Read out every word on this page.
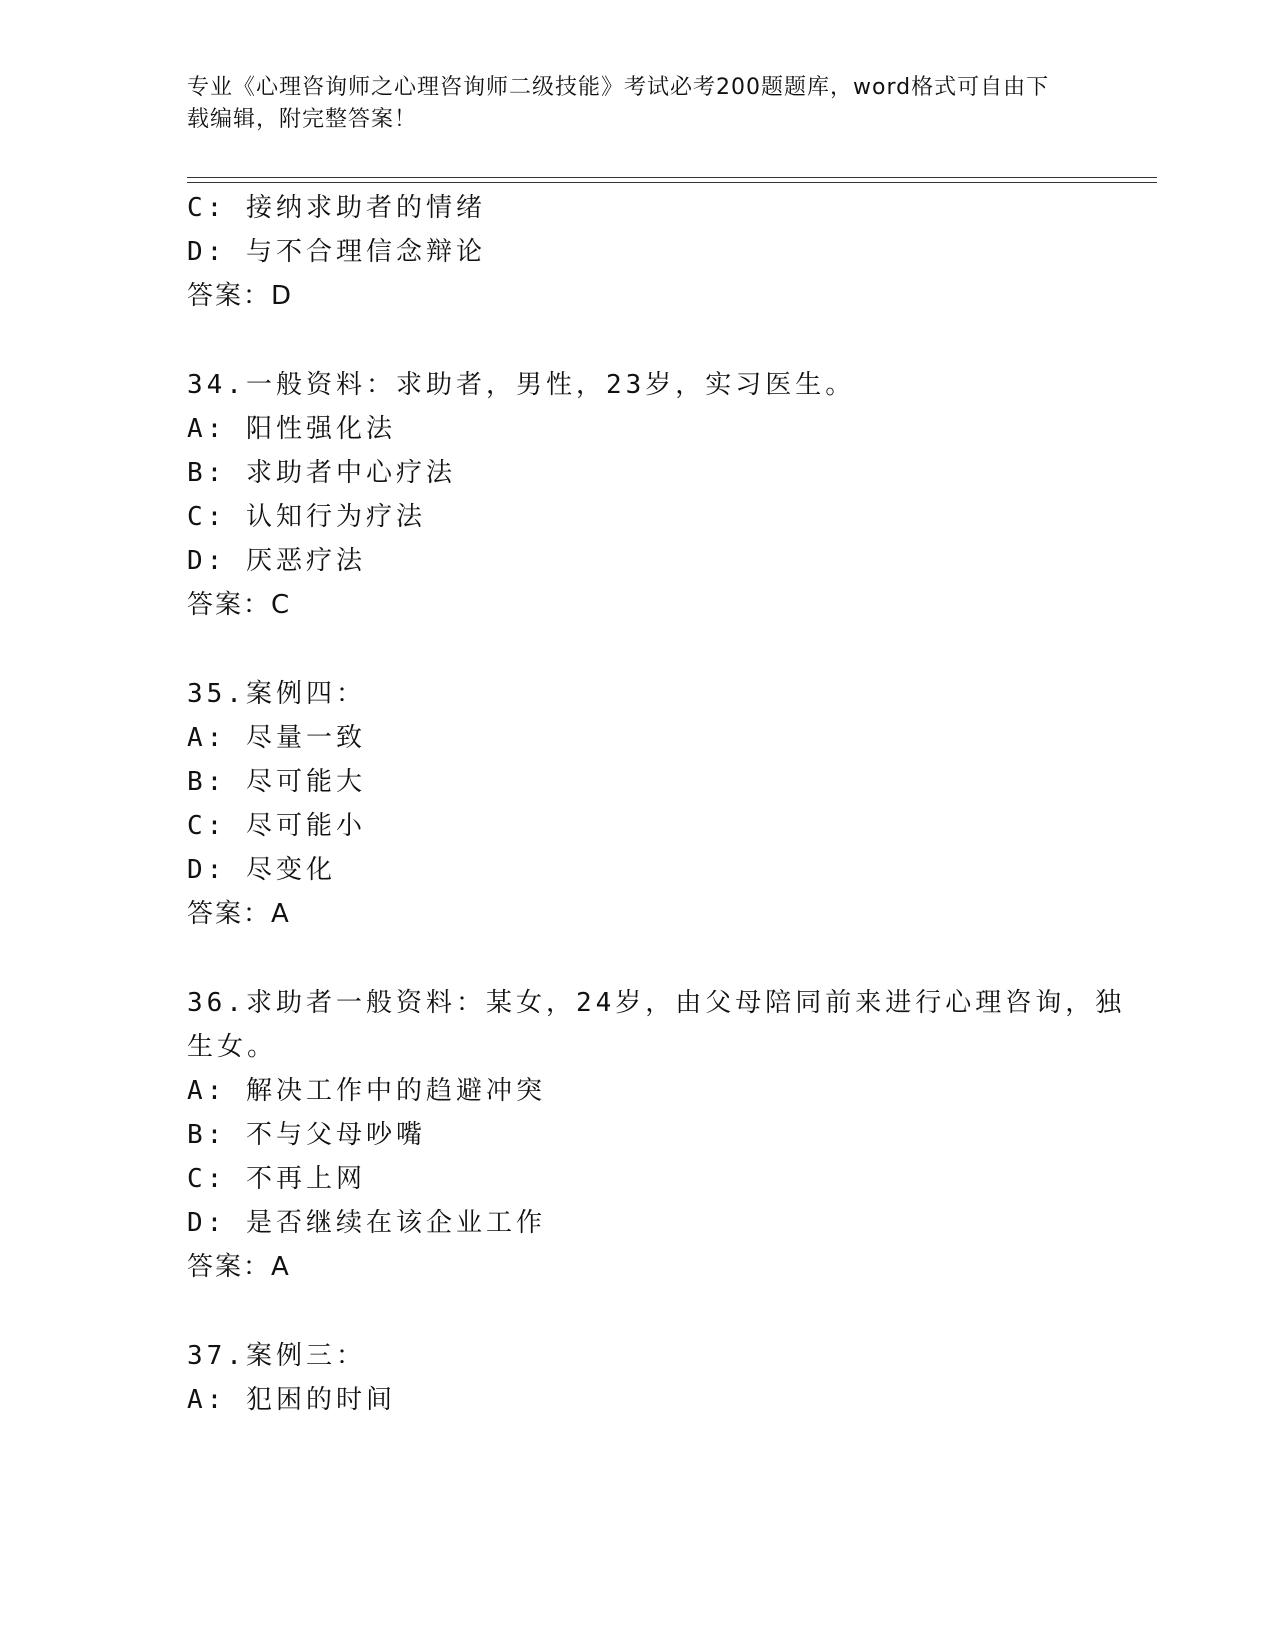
专业《心理咨询师之心理咨询师二级技能》考试必考200题题库，word格式可自由下载编辑，附完整答案！
C: 接纳求助者的情绪
D: 与不合理信念辩论
答案：D
34.一般资料：求助者，男性，23岁，实习医生。
A: 阳性强化法
B: 求助者中心疗法
C: 认知行为疗法
D: 厌恶疗法
答案：C
35.案例四：
A: 尽量一致
B: 尽可能大
C: 尽可能小
D: 尽变化
答案：A
36.求助者一般资料：某女，24岁，由父母陪同前来进行心理咨询，独
生女。
A: 解决工作中的趋避冲突
B: 不与父母吵嘴
C: 不再上网
D: 是否继续在该企业工作
答案：A
37.案例三：
A: 犯困的时间
